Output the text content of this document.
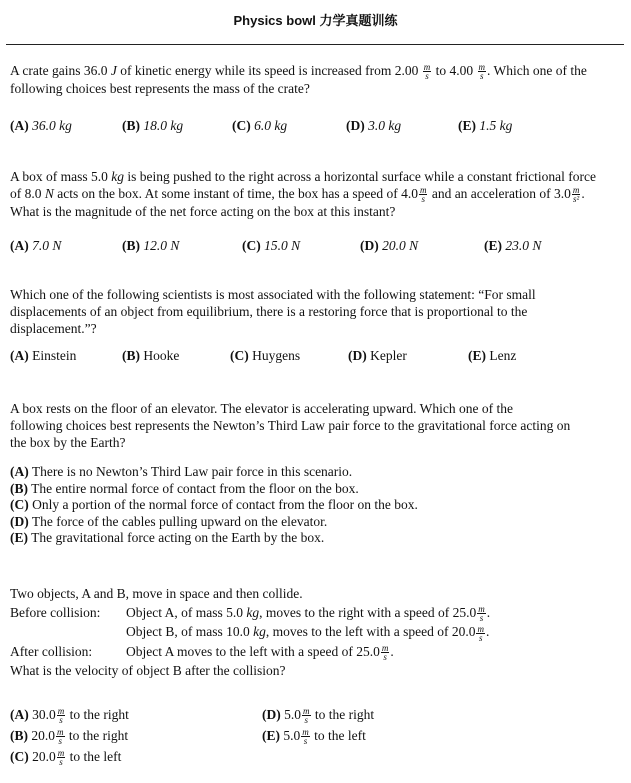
Physics bowl 力学真题训练
A crate gains 36.0 J of kinetic energy while its speed is increased from $2.00 \frac{m}{s}$ to $4.00 \frac{m}{s}$ . Which one of the
following choices best represents the mass of the crate?
(A) 36.0 kg	(B) 18.0 kg	(C) 6.0 kg	(D) 3.0 kg	(E) 1.5 kg
A box of mass 5.0 kg is being pushed to the right across a horizontal surface while a constant frictional force
of 8.0 N acts on the box. At some instant of time, the box has a speed of $4.0 \frac{m}{s}$ and an acceleration of $3.0 \frac{m}{\text{s²}}$ .
What is the magnitude of the net force acting on the box at this instant?
(A) 7.0 N	(B) 12.0 N	(C) 15.0 N	(D) 20.0 N	(E) 23.0 N
Which one of the following scientists is most associated with the following statement: “For small
displacements of an object from equilibrium, there is a restoring force that is proportional to the
displacement.”?
(A) Einstein	(B) Hooke	(C) Huygens	(D) Kepler	(E) Lenz
A box rests on the floor of an elevator. The elevator is accelerating upward. Which one of the
following choices best represents the Newton’s Third Law pair force to the gravitational force acting on
the box by the Earth?
(A) There is no Newton’s Third Law pair force in this scenario.
(B) The entire normal force of contact from the floor on the box.
(C) Only a portion of the normal force of contact from the floor on the box.
(D) The force of the cables pulling upward on the elevator.
(E) The gravitational force acting on the Earth by the box.
Two objects, A and B, move in space and then collide.
Before collision: Object A, of mass 5.0 kg, moves to the right with a speed of $25.0 \frac{m}{s}$ .
Object B, of mass 10.0 kg, moves to the left with a speed of $20.0 \frac{m}{s}$ .
After collision:	Object A moves to the left with a speed of $25.0 \frac{m}{s}$ .
What is the velocity of object B after the collision?
(A) $30.0 \frac{m}{s}$ to the right
(B) $20.0 \frac{m}{s}$ to the right
(C) $20.0 \frac{m}{s}$ to the left
(D) $5.0 \frac{m}{s}$ to the right
(E) $5.0 \frac{m}{s}$ to the left
